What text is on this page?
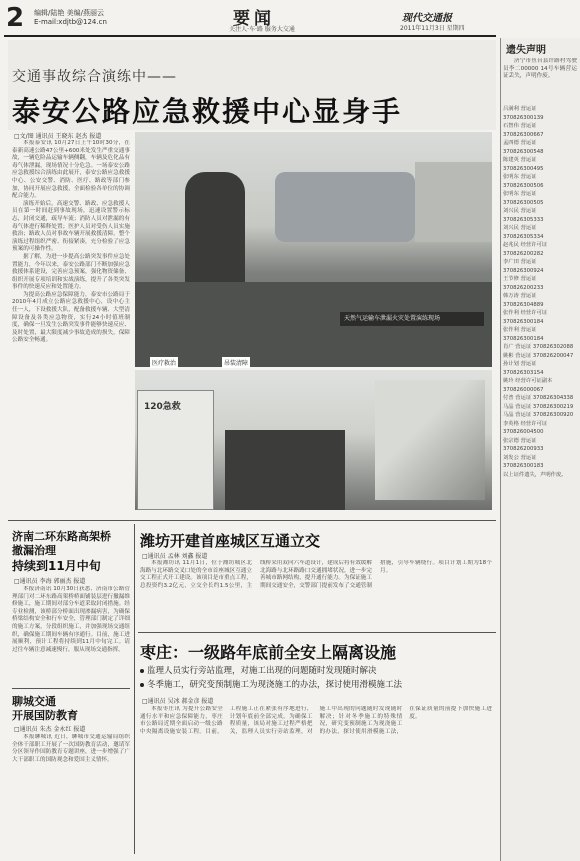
2 编辑/陆艳 美编/燕丽云
E-mail:xdjtb@124.cn	要闻
关注人·车·路 服务大交通
现代交通报
2011年11月3日 星期四
交通事故综合演练中——
泰安公路应急救援中心显身手
□文/图 通讯员 王晓东 赵杰 报道

本报泰安讯 10月27日上午10时30分，在泰新高速公路47公里+600米处发生严重交通事故，一辆危险品运输车辆侧翻，车辆及危化品有毒气体泄漏，现场情况十分危急。一场泰安公路应急救援综合演练由此展开，泰安公路应急救援中心、公安交警、消防、医疗、路政等部门参加，协同开展应急救援，全面检验各单位的协调配合能力。

演练开始后，高速交警、路政、应急救援人员在第一时间赶到事故现场，迅速设置警示标志，封闭交通，疏导车流；消防人员对泄漏的有毒气体进行稀释处置；医护人员对受伤人员实施救治；路政人员对事故车辆开展救援清障。整个演练过程组织严密、衔接紧凑，充分检验了应急预案的可操作性。

据了解，为进一步提高公路突发事件应急处置能力，今年以来，泰安公路部门不断加强应急救援体系建设，完善应急预案，强化物资储备，组织开展专项培训和实战演练，提升了各类突发事件的快速反应和处置能力。

为提高公路应急保障能力，泰安市公路局于2010年4月成立公路应急救援中心，设中心主任一人，下设救援大队，配备救援车辆、大型清障设备及各类应急物资，实行24小时值班制度，确保一旦发生公路突发事件能够快速反应、及时处置，最大限度减少事故造成的损失，保障公路安全畅通。

天然气运输车泄漏火灾处置演练现场
120急救
医疗救治	吊装清障
济南二环东路高架桥
撤漏治理
持续到11月中旬
□通讯员 李海 郭丽杰 报道

本报济南讯 10月30日获悉，济南市公路管理部门对二环东路高架桥桥面铺装层进行撤漏维修施工，施工期间对部分车道采取封闭措施。经专业检测，该桥部分桥面出现渗漏病害，为确保桥梁结构安全和行车安全，管理部门制定了详细的施工方案，分段组织施工，并加强现场交通组织，确保施工期间车辆有序通行。目前，施工进展顺利，预计工程将持续到11月中旬完工。请过往车辆注意减速慢行，服从现场交通指挥。

聊城交通
开展国防教育
□通讯员 朱杰 金永红 报道

本报聊城讯 近日，聊城市交通运输局组织全体干部职工开展了一次国防教育活动，邀请军分区领导作国防教育专题讲座，进一步增强了广大干部职工的国防观念和爱国主义情怀。

潍坊开建首座城区互通立交
□通讯员 孟林 刘鑫 报道

本报潍坊讯 11月1日，位于潍坊城区北海路与北环路交叉口处的全市首座城区互通立交工程正式开工建设。该项目是市重点工程，总投资约3.2亿元，立交全长约1.5公里，主线桥采用双向六车道设计，建成后将有效缓解北海路与北环路路口交通拥堵状况，进一步完善城市路网结构，提升通行能力。为保证施工期间交通安全，交警部门提前发布了交通管制措施，引导车辆绕行。项目计划工期为18个月。

枣庄：一级路年底前全安上隔离设施
监理人员实行旁站监理，对施工出现的问题随时发现随时解决
冬季施工，研究变预制施工为现浇施工的办法，探讨使用滑模施工法
□通讯员 吴冰 郝金彦 报道

本报枣庄讯 为提升公路安全通行水平和应急保障能力，枣庄市公路局近期全面启动一级公路中央隔离设施安装工程。目前，工程施工正在紧张有序地进行，计划年底前全部完成。为确保工程质量，该局对施工过程严格把关，监理人员实行旁站监理，对施工中出现的问题随时发现随时解决；针对冬季施工的特殊情况，研究变预制施工为现浇施工的办法，探讨使用滑模施工法，在保证质量的前提下加快施工进度。

遗失声明

济宁市鱼台县许路村驾驶员李二00000 14号车辆营运证丢失，声明作废。

吕满利 营运证 370826300139
石智伟 营运证 370826300667
孟四德 营运证 370826300548
陈建英 营运证 370826300495
张明东 营运证 370826300506
张明东 营运证 370826300505
刘兴民 营运证 370826305333
刘兴民 营运证 370826305334
赵兆民 经营许可证 370826200282
李广田 营运证 370826300924
王节修 营运证 370826200233
韩万涛 营运证 370826304889
张作利 经营许可证 370826300184
张作利 营运证 370826300184
肖广 营运证 370826302088
姚彬 营运证 370826200047
孙计划 营运证 370826303154
姚玲 经营许可证副本 370826000067
付普 营运证 370826304338
马晶 营运证 370826300219
马晶 营运证 370826300920
李英格 经营许可证 370826004500
张宗德 营运证 370826200933
刘发公 营运证 370826300183
以上证件遗失，声明作废。
